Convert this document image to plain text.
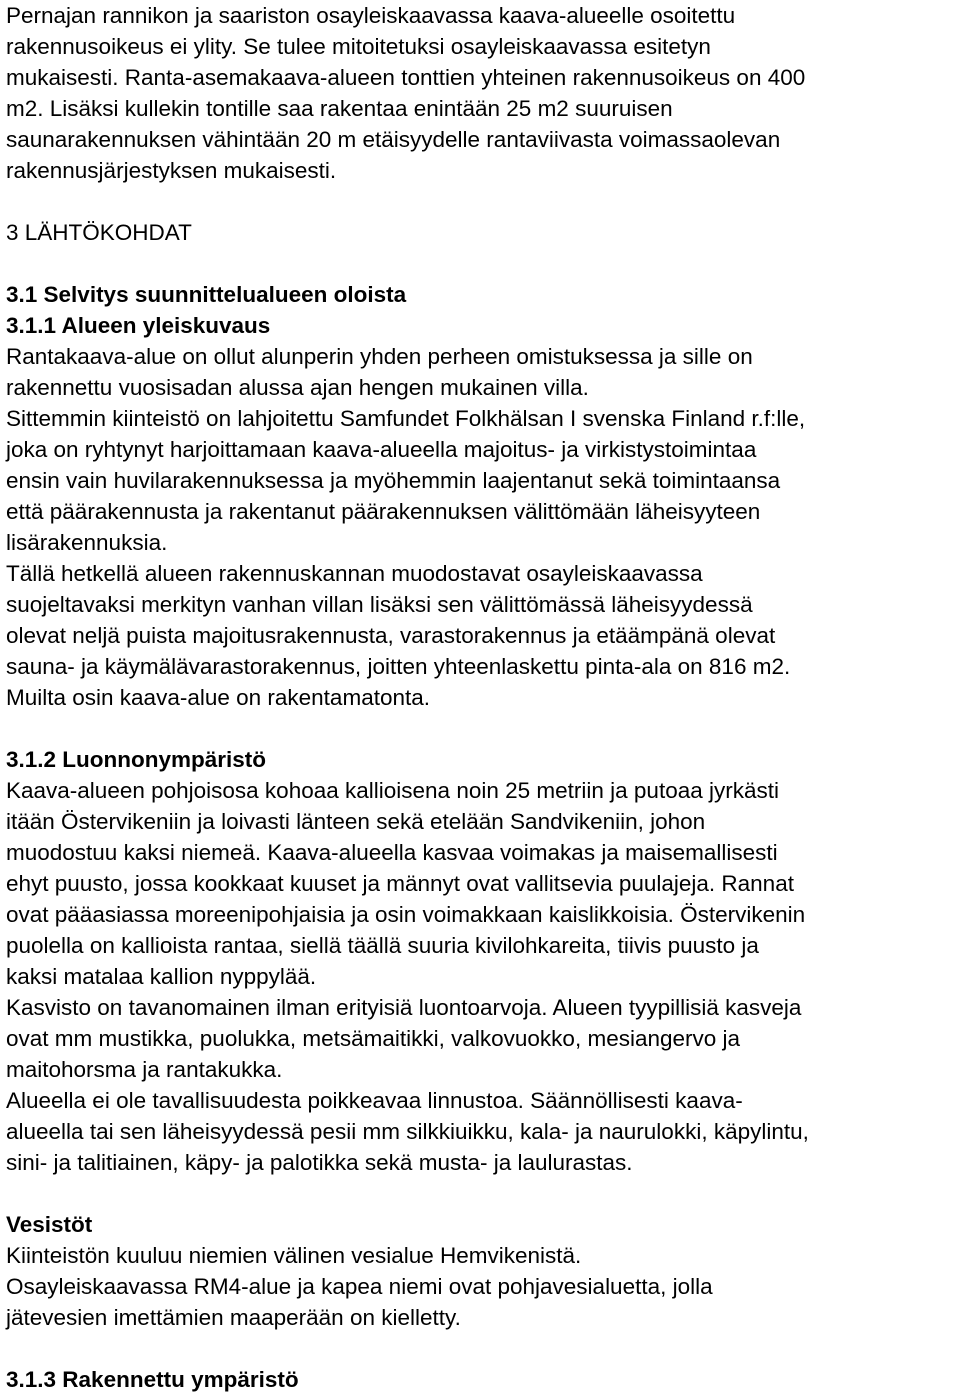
Pernajan rannikon ja saariston osayleiskaavassa kaava-alueelle osoitettu
rakennusoikeus ei ylity. Se tulee mitoitetuksi osayleiskaavassa esitetyn
mukaisesti. Ranta-asemakaava-alueen tonttien yhteinen rakennusoikeus on 400
m2. Lisäksi kullekin tontille saa rakentaa enintään 25 m2 suuruisen
saunarakennuksen vähintään 20 m etäisyydelle rantaviivasta voimassaolevan
rakennusjärjestyksen mukaisesti.

3 LÄHTÖKOHDAT

3.1 Selvitys suunnittelualueen oloista

3.1.1 Alueen yleiskuvaus

Rantakaava-alue on ollut alunperin yhden perheen omistuksessa ja sille on
rakennettu vuosisadan alussa ajan hengen mukainen villa.
Sittemmin kiinteistö on lahjoitettu Samfundet Folkhälsan I svenska Finland r.f:lle,
joka on ryhtynyt harjoittamaan kaava-alueella majoitus- ja virkistystoimintaa
ensin vain huvilarakennuksessa ja myöhemmin laajentanut sekä toimintaansa
että päärakennusta ja rakentanut päärakennuksen välittömään läheisyyteen
lisärakennuksia.

Tällä hetkellä alueen rakennuskannan muodostavat osayleiskaavassa
suojeltavaksi merkityn vanhan villan lisäksi sen välittömässä läheisyydessä
olevat neljä puista majoitusrakennusta, varastorakennus ja etäämpänä olevat
sauna- ja käymälävarastorakennus, joitten yhteenlaskettu pinta-ala on 816 m2.
Muilta osin kaava-alue on rakentamatonta.

3.1.2 Luonnonympäristö

Kaava-alueen pohjoisosa kohoaa kallioisena noin 25 metriin ja putoaa jyrkästi
itään Östervikeniin ja loivasti länteen sekä etelään Sandvikeniin, johon
muodostuu kaksi niemeä. Kaava-alueella kasvaa voimakas ja maisemallisesti
ehyt puusto, jossa kookkaat kuuset ja männyt ovat vallitsevia puulajeja. Rannat
ovat pääasiassa moreenipohjaisia ja osin voimakkaan kaislikkoisia. Östervikenin
puolella on kallioista rantaa, siellä täällä suuria kivilohkareita, tiivis puusto ja
kaksi matalaa kallion nyppylää.

Kasvisto on tavanomainen ilman erityisiä luontoarvoja. Alueen tyypillisiä kasveja
ovat mm mustikka, puolukka, metsämaitikki, valkovuokko, mesiangervo ja
maitohorsma ja rantakukka.

Alueella ei ole tavallisuudesta poikkeavaa linnustoa. Säännöllisesti kaava-
alueella tai sen läheisyydessä pesii mm silkkiuikku, kala- ja naurulokki, käpylintu,
sini- ja talitiainen, käpy- ja palotikka sekä musta- ja laulurastas.

Vesistöt

Kiinteistön kuuluu niemien välinen vesialue Hemvikenistä.

Osayleiskaavassa RM4-alue ja kapea niemi ovat pohjavesialuetta, jolla
jätevesien imettämien maaperään on kielletty.

3.1.3 Rakennettu ympäristö
